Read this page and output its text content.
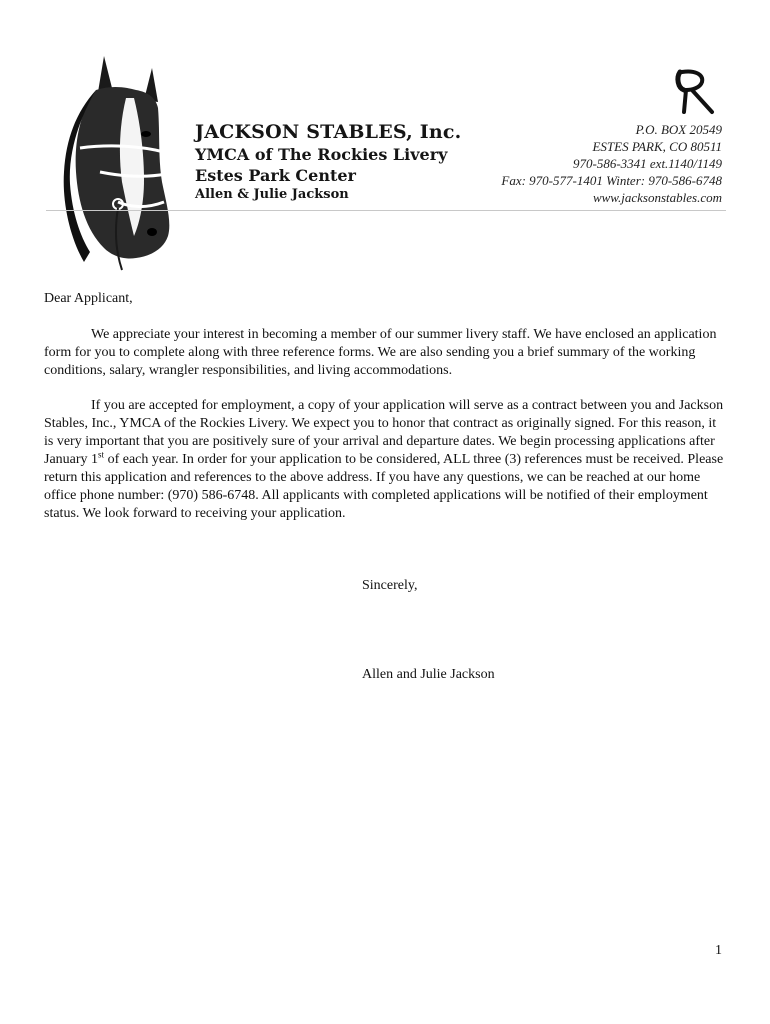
JACKSON STABLES, Inc.
YMCA of The Rockies Livery
Estes Park Center
Allen & Julie Jackson
P.O. BOX 20549
ESTES PARK, CO 80511
970-586-3341 ext.1140/1149
Fax: 970-577-1401 Winter: 970-586-6748
www.jacksonstables.com

Dear Applicant,

We appreciate your interest in becoming a member of our summer livery staff. We have enclosed an application form for you to complete along with three reference forms. We are also sending you a brief summary of the working conditions, salary, wrangler responsibilities, and living accommodations.

If you are accepted for employment, a copy of your application will serve as a contract between you and Jackson Stables, Inc., YMCA of the Rockies Livery. We expect you to honor that contract as originally signed. For this reason, it is very important that you are positively sure of your arrival and departure dates. We begin processing applications after January 1st of each year. In order for your application to be considered, ALL three (3) references must be received. Please return this application and references to the above address. If you have any questions, we can be reached at our home office phone number: (970) 586-6748. All applicants with completed applications will be notified of their employment status. We look forward to receiving your application.

Sincerely,
Allen and Julie Jackson
1
